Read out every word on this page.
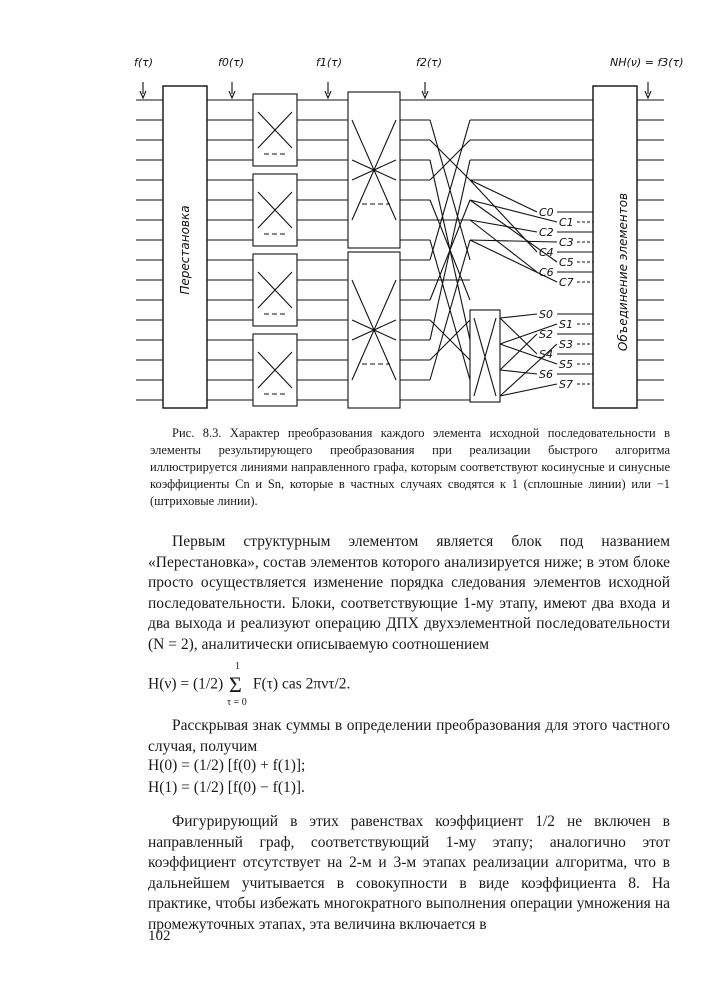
f(τ)	f0(τ)	f1(τ)	f2(τ)	NH(ν) = f3(τ)
Перестановка	Объединение элементов
C0
C1
C2
C3
C4
C5
C6
C7
S0
S1
S2
S3
S4
S5
S6
S7
Рис. 8.3. Характер преобразования каждого элемента исходной последовательности в элементы результирующего преобразования при реализации быстрого алгоритма иллюстрируется линиями направленного графа, которым соответствуют косинусные и синусные коэффициенты Cn и Sn, которые в частных случаях сводятся к 1 (сплошные линии) или −1 (штриховые линии).
Первым структурным элементом является блок под названием «Перестановка», состав элементов которого анализируется ниже; в этом блоке просто осуществляется изменение порядка следования элементов исходной последовательности. Блоки, соответствующие 1-му этапу, имеют два входа и два выхода и реализуют операцию ДПХ двухэлементной последовательности (N = 2), аналитически описываемую соотношением
H(ν) = (1/2) Σ
1
τ = 0
F(τ) cas 2πντ/2.
Расскрывая знак суммы в определении преобразования для этого частного случая, получим
H(0) = (1/2) [f(0) + f(1)];
H(1) = (1/2) [f(0) − f(1)].
Фигурирующий в этих равенствах коэффициент 1/2 не включен в направленный граф, соответствующий 1-му этапу; аналогично этот коэффициент отсутствует на 2-м и 3-м этапах реализации алгоритма, что в дальнейшем учитывается в совокупности в виде коэффициента 8. На практике, чтобы избежать многократного выполнения операции умножения на промежуточных этапах, эта величина включается в
102
